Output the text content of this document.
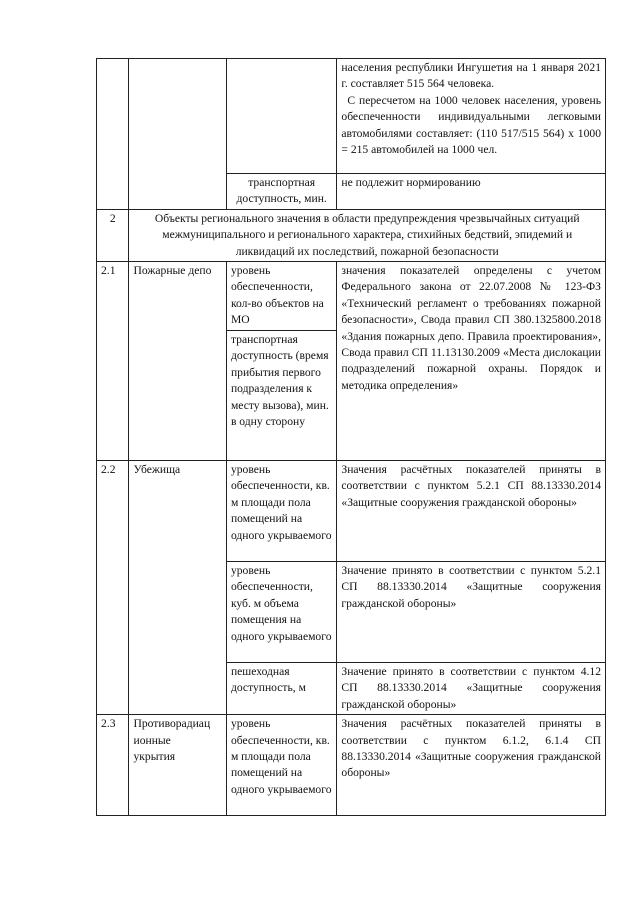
			населения республики Ингушетия на 1 января 2021 г. составляет 515 564 человека.
С пересчетом на 1000 человек населения, уровень обеспеченности индивидуальными легковыми автомобилями составляет: (110 517/515 564) х 1000 = 215 автомобилей на 1000 чел.

		транспортная доступность, мин.	не подлежит нормированию
2	Объекты регионального значения в области предупреждения чрезвычайных ситуаций межмуниципального и регионального характера, стихийных бедствий, эпидемий и ликвидаций их последствий, пожарной безопасности		
2.1	Пожарные депо	уровень обеспеченности, кол-во объектов на МО	значения показателей определены с учетом Федерального закона от 22.07.2008 № 123-ФЗ «Технический регламент о требованиях пожарной безопасности», Свода правил СП 380.1325800.2018 «Здания пожарных депо. Правила проектирования», Свода правил СП 11.13130.2009 «Места дислокации подразделений пожарной охраны. Порядок и методика определения»
		транспортная доступность (время прибытия первого подразделения к месту вызова), мин. в одну сторону	
2.2	Убежища	уровень обеспеченности, кв. м площади пола помещений на одного укрываемого	Значения расчётных показателей приняты в соответствии с пунктом 5.2.1 СП 88.13330.2014 «Защитные сооружения гражданской обороны»
		уровень обеспеченности, куб. м объема помещения на одного укрываемого	Значение принято в соответствии с пунктом 5.2.1 СП 88.13330.2014 «Защитные сооружения гражданской обороны»
		пешеходная доступность, м	Значение принято в соответствии с пунктом 4.12 СП 88.13330.2014 «Защитные сооружения гражданской обороны»
2.3	Противорадиац
ионные
укрытия	уровень обеспеченности, кв. м площади пола помещений на одного укрываемого	Значения расчётных показателей приняты в соответствии с пунктом 6.1.2, 6.1.4 СП 88.13330.2014 «Защитные сооружения гражданской обороны»
